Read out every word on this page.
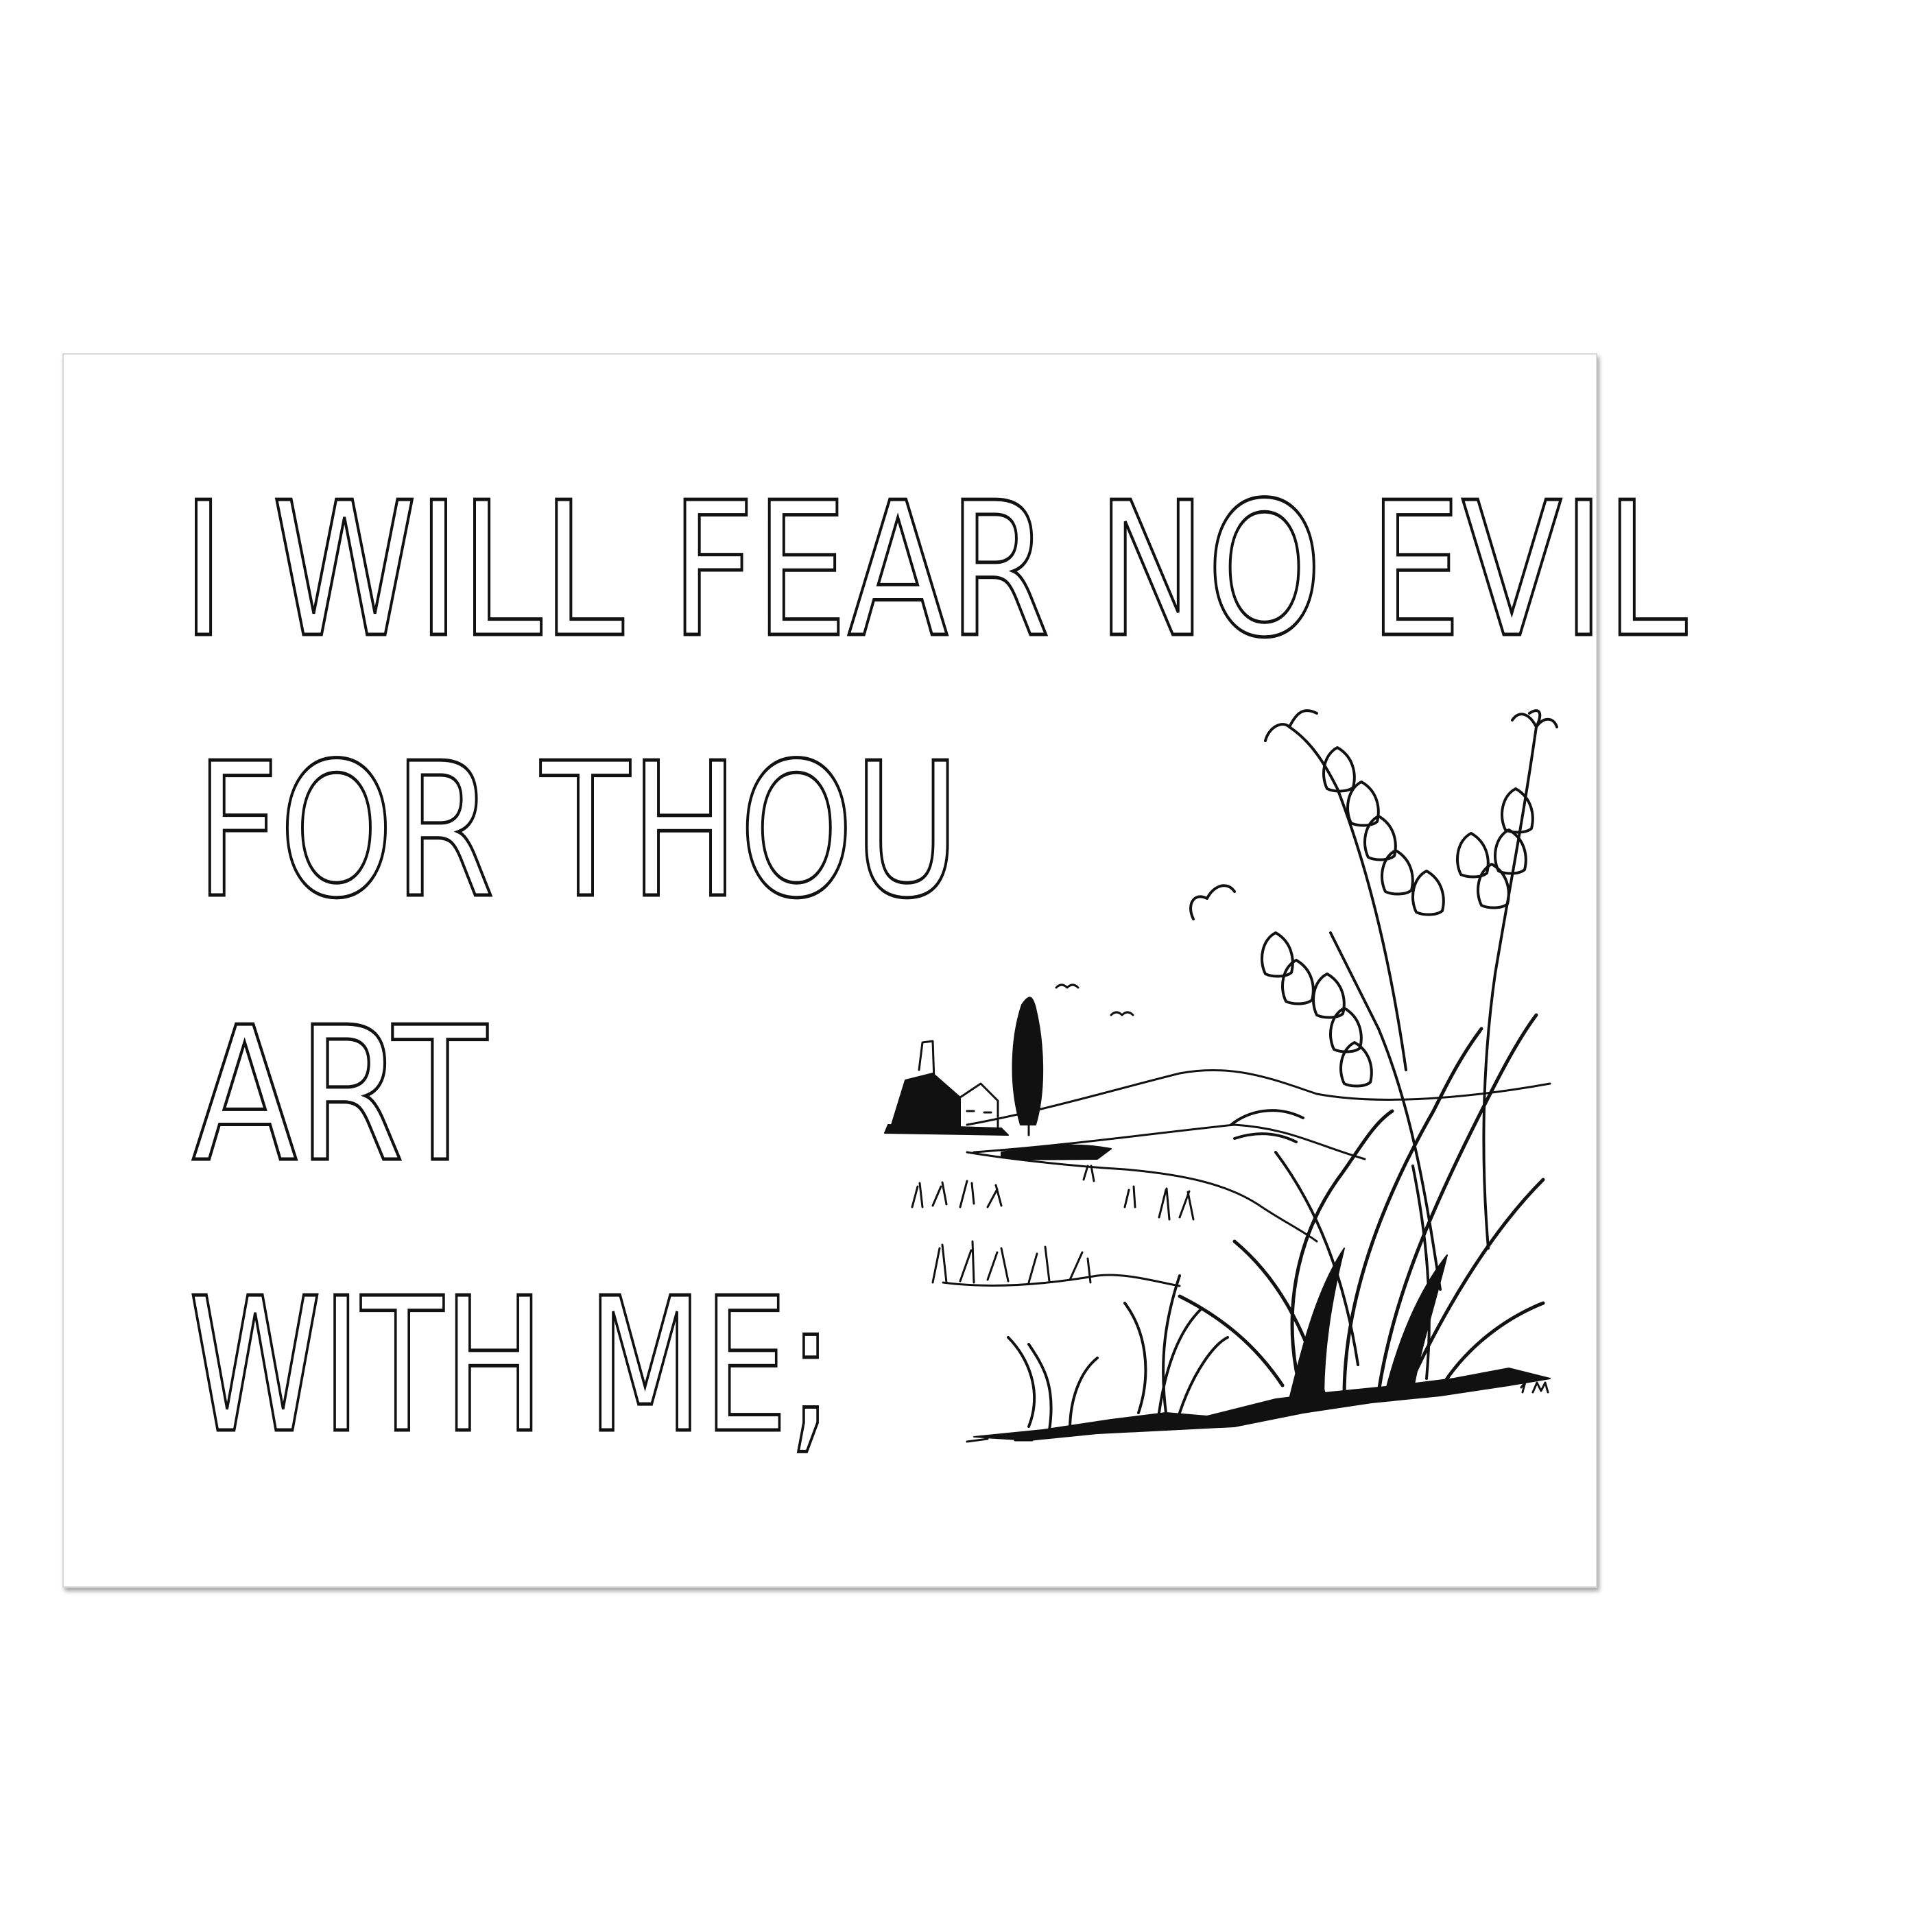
I WILL FEAR NO EVIL
FOR THOU
ART
WITH ME;
